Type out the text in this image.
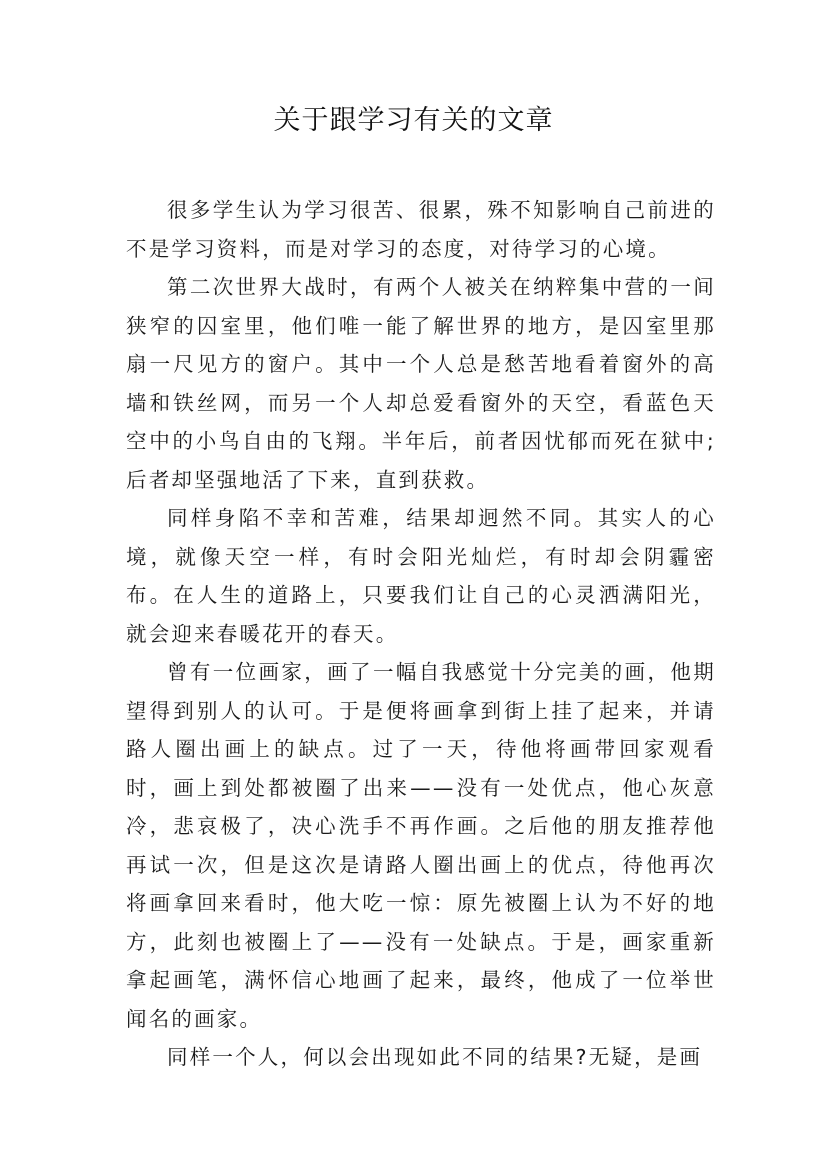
关于跟学习有关的文章

很多学生认为学习很苦、很累，殊不知影响自己前进的不是学习资料，而是对学习的态度，对待学习的心境。

第二次世界大战时，有两个人被关在纳粹集中营的一间狭窄的囚室里，他们唯一能了解世界的地方，是囚室里那扇一尺见方的窗户。其中一个人总是愁苦地看着窗外的高墙和铁丝网，而另一个人却总爱看窗外的天空，看蓝色天空中的小鸟自由的飞翔。半年后，前者因忧郁而死在狱中;后者却坚强地活了下来，直到获救。

同样身陷不幸和苦难，结果却迥然不同。其实人的心境，就像天空一样，有时会阳光灿烂，有时却会阴霾密布。在人生的道路上，只要我们让自己的心灵洒满阳光，就会迎来春暖花开的春天。

曾有一位画家，画了一幅自我感觉十分完美的画，他期望得到别人的认可。于是便将画拿到街上挂了起来，并请路人圈出画上的缺点。过了一天，待他将画带回家观看时，画上到处都被圈了出来——没有一处优点，他心灰意冷，悲哀极了，决心洗手不再作画。之后他的朋友推荐他再试一次，但是这次是请路人圈出画上的优点，待他再次将画拿回来看时，他大吃一惊：原先被圈上认为不好的地方，此刻也被圈上了——没有一处缺点。于是，画家重新拿起画笔，满怀信心地画了起来，最终，他成了一位举世闻名的画家。

同样一个人，何以会出现如此不同的结果?无疑，是画
